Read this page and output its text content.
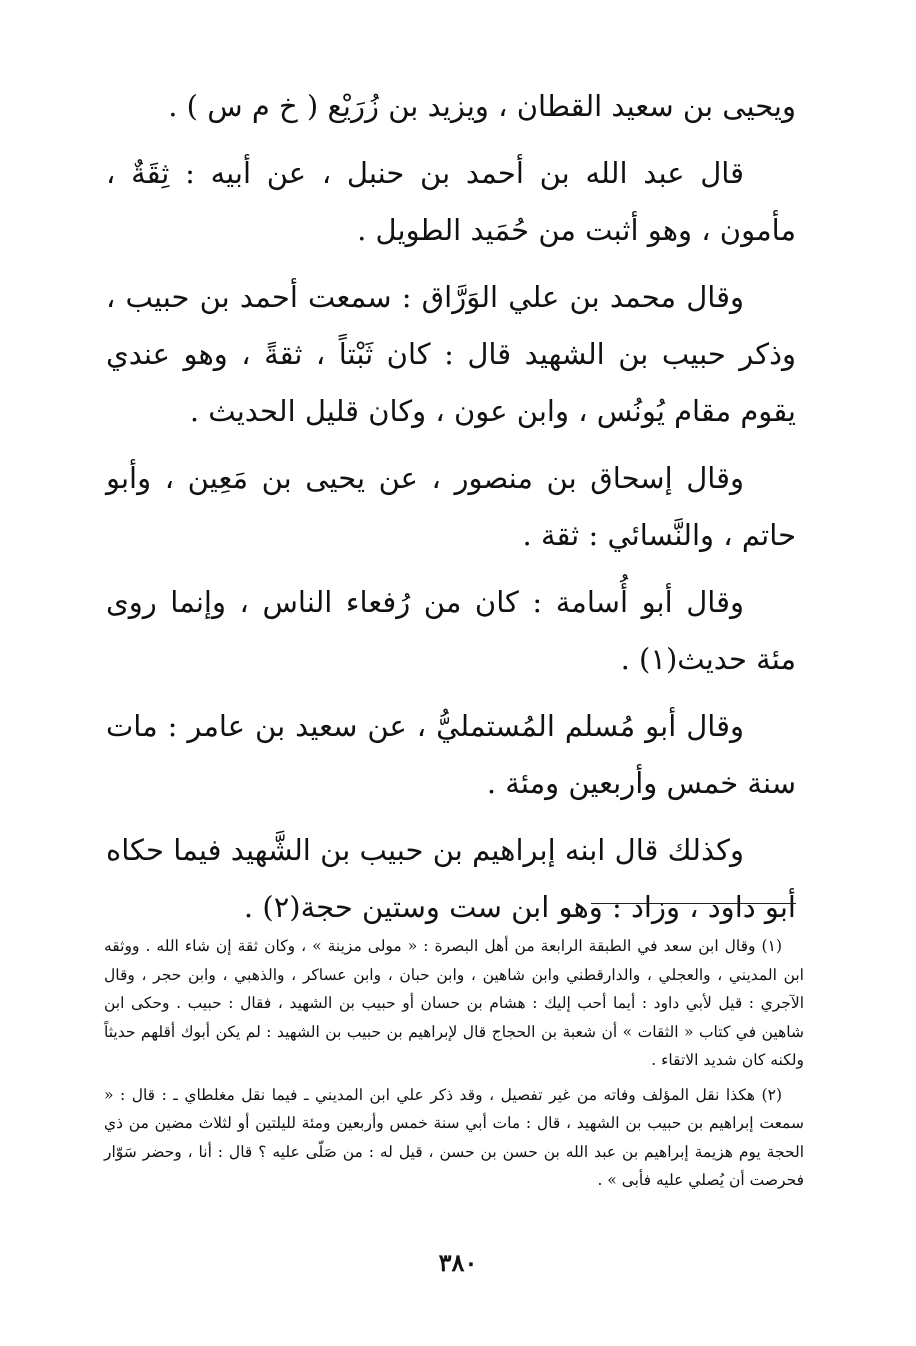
ويحيى بن سعيد القطان ، ويزيد بن زُرَيْع ( خ م س ) .

قال عبد الله بن أحمد بن حنبل ، عن أبيه : ثِقَةٌ ، مأمون ، وهو أثبت من حُمَيد الطويل .

وقال محمد بن علي الوَرَّاق : سمعت أحمد بن حبيب ، وذكر حبيب بن الشهيد قال : كان ثَبْتاً ، ثقةً ، وهو عندي يقوم مقام يُونُس ، وابن عون ، وكان قليل الحديث .

وقال إسحاق بن منصور ، عن يحيى بن مَعِين ، وأبو حاتم ، والنَّسائي : ثقة .

وقال أبو أُسامة : كان من رُفعاء الناس ، وإنما روى مئة حديث(١) .

وقال أبو مُسلم المُستمليُّ ، عن سعيد بن عامر : مات سنة خمس وأربعين ومئة .

وكذلك قال ابنه إبراهيم بن حبيب بن الشَّهيد فيما حكاه أبو داود ، وزاد : وهو ابن ست وستين حجة(٢) .

(١) وقال ابن سعد في الطبقة الرابعة من أهل البصرة : « مولى مزينة » ، وكان ثقة إن شاء الله . ووثقه ابن المديني ، والعجلي ، والدارقطني وابن شاهين ، وابن حبان ، وابن عساكر ، والذهبي ، وابن حجر ، وقال الآجري : قيل لأبي داود : أيما أحب إليك : هشام بن حسان أو حبيب بن الشهيد ، فقال : حبيب . وحكى ابن شاهين في كتاب « الثقات » أن شعبة بن الحجاج قال لإبراهيم بن حبيب بن الشهيد : لم يكن أبوك أقلهم حديثاً ولكنه كان شديد الاتقاء .

(٢) هكذا نقل المؤلف وفاته من غير تفصيل ، وقد ذكر علي ابن المديني ـ فيما نقل مغلطاي ـ : قال : « سمعت إبراهيم بن حبيب بن الشهيد ، قال : مات أبي سنة خمس وأربعين ومئة لليلتين أو لثلاث مضين من ذي الحجة يوم هزيمة إبراهيم بن عبد الله بن حسن بن حسن ، قيل له : من صَلّى عليه ؟ قال : أنا ، وحضر سَوّار فحرصت أن يُصلي عليه فأبى » .

٣٨٠
